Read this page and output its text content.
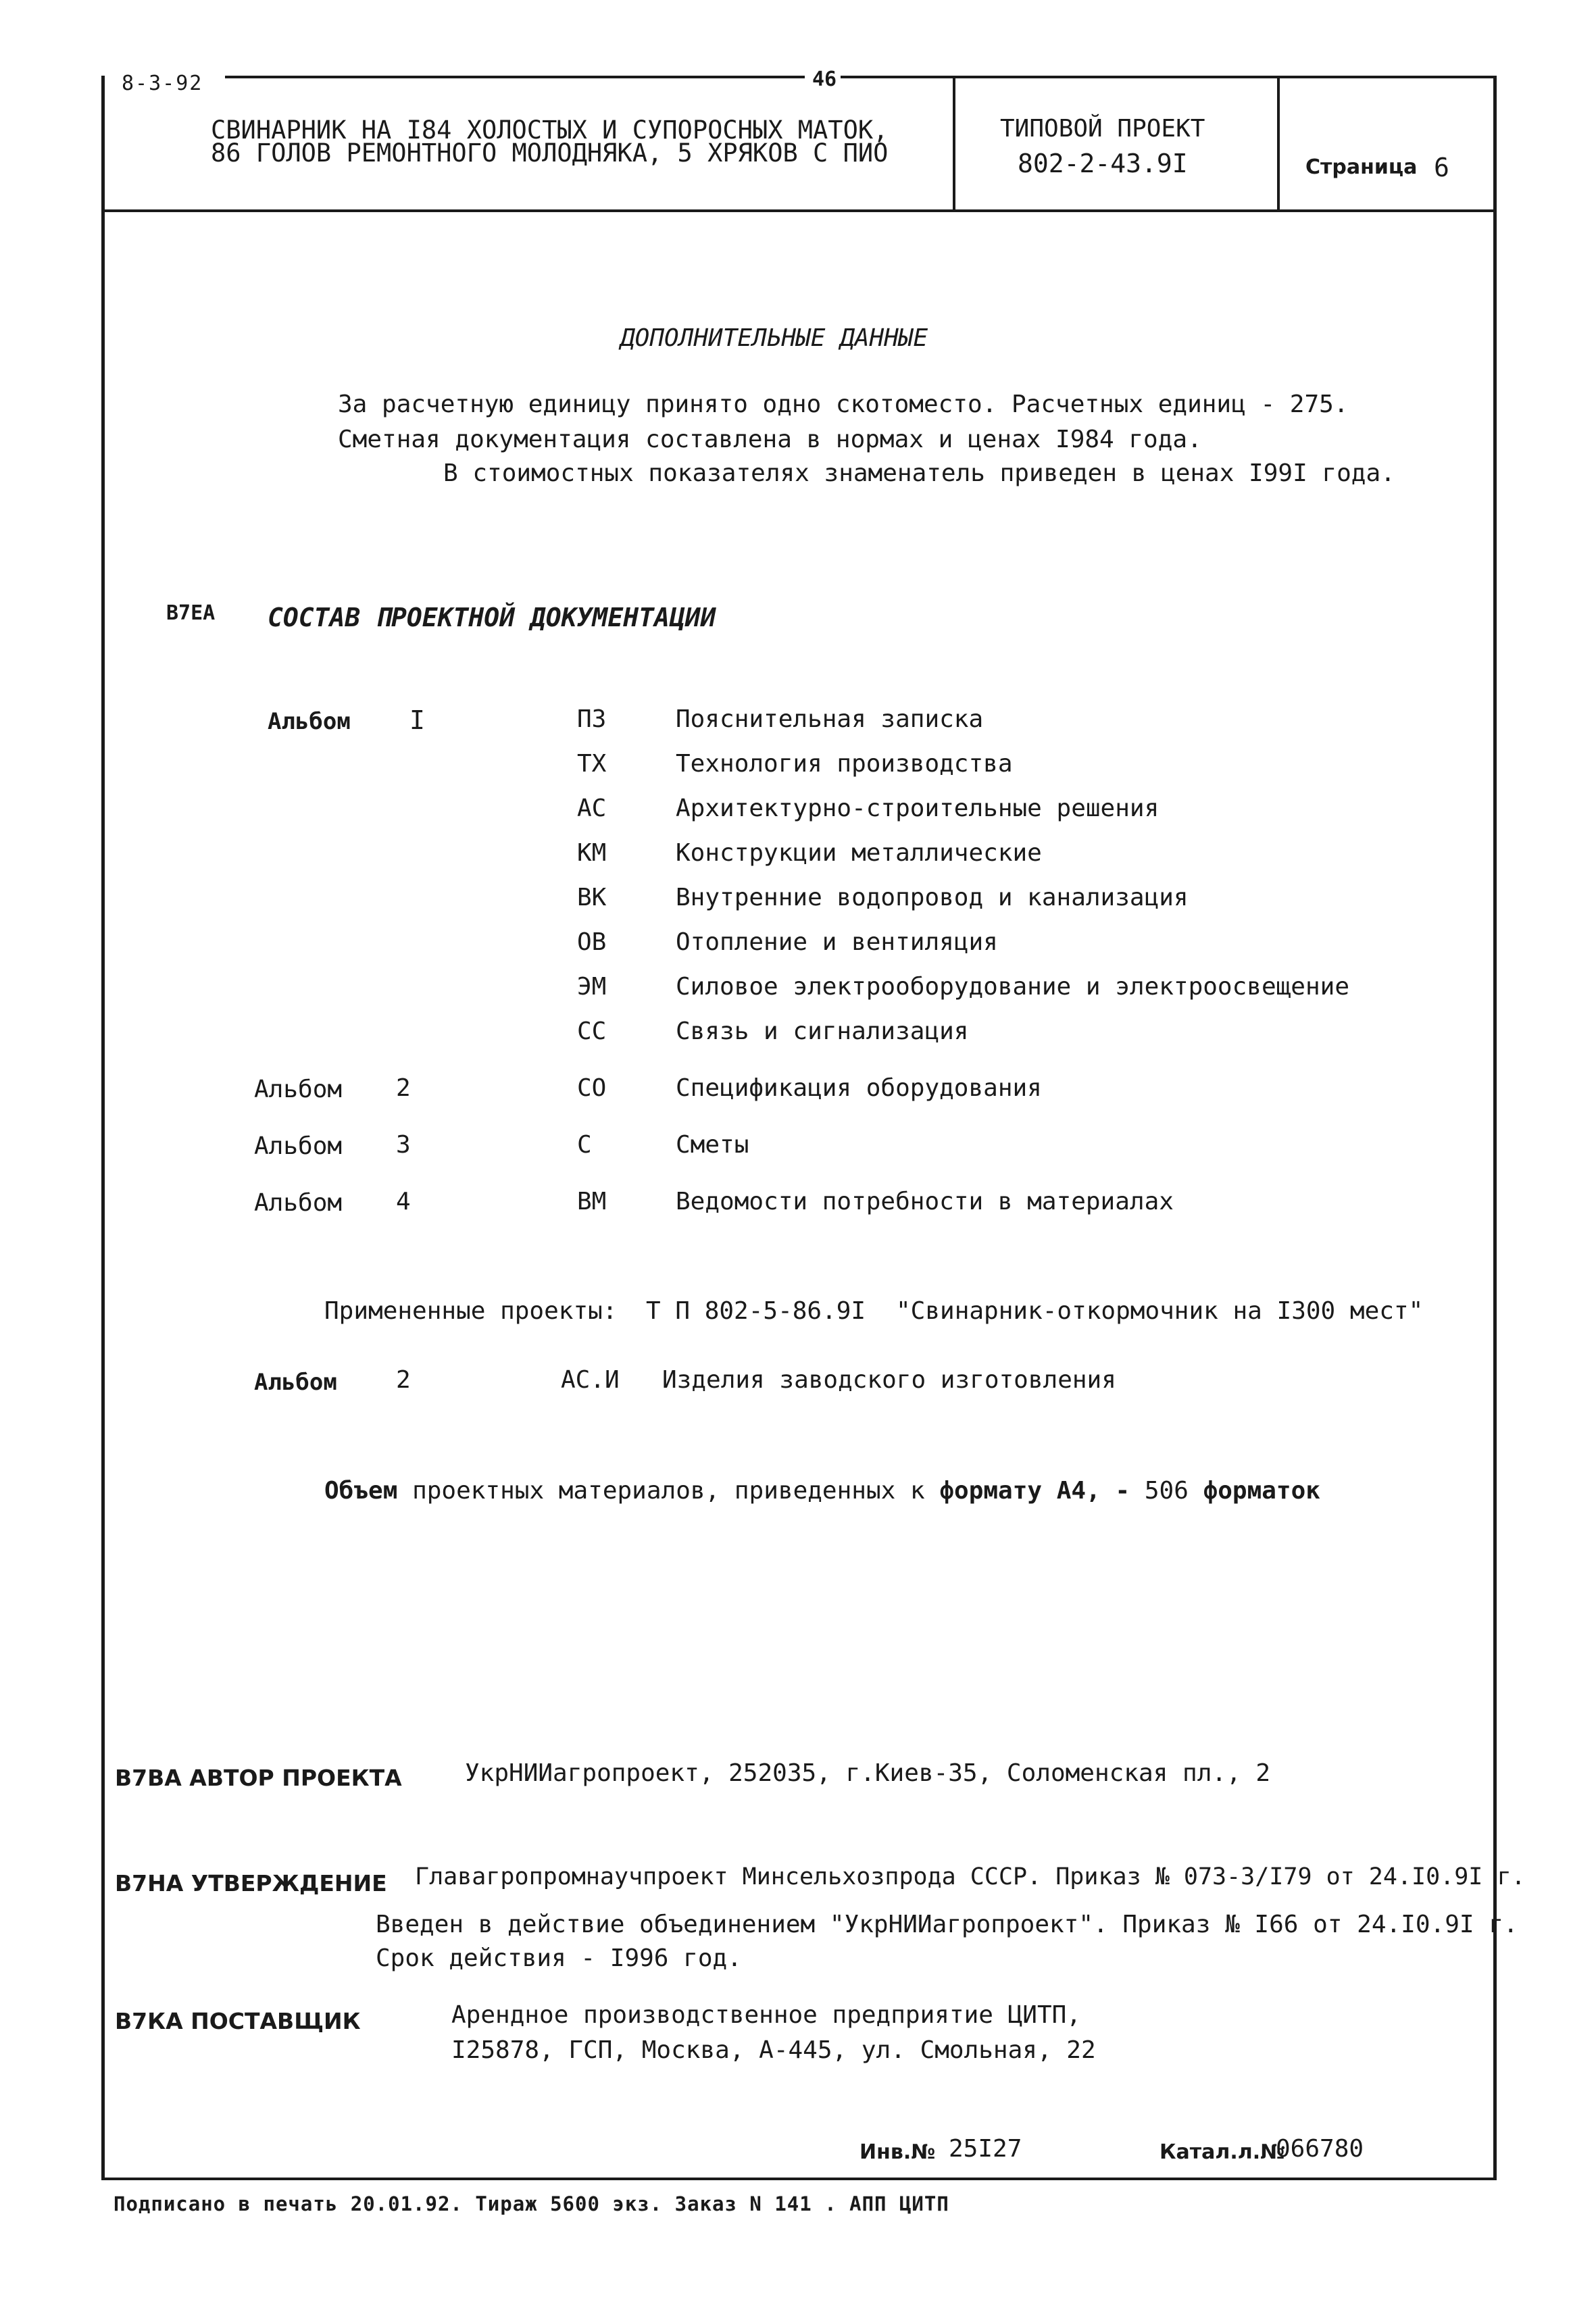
8-3-92	46
СВИНАРНИК НА I84 ХОЛОСТЫХ И СУПОРОСНЫХ МАТОК,
86 ГОЛОВ РЕМОНТНОГО МОЛОДНЯКА, 5 ХРЯКОВ С ПИО
ТИПОВОЙ ПРОЕКТ
802-2-43.9I	Страница 6
ДОПОЛНИТЕЛЬНЫЕ ДАННЫЕ
За расчетную единицу принято одно скотоместо. Расчетных единиц - 275.
Сметная документация составлена в нормах и ценах I984 года.
В стоимостных показателях знаменатель приведен в ценах I99I года.
В7ЕА СОСТАВ ПРОЕКТНОЙ ДОКУМЕНТАЦИИ
Альбом I	ПЗ	Пояснительная записка
ТХ	Технология производства
АС	Архитектурно-строительные решения
КМ	Конструкции металлические
ВК	Внутренние водопровод и канализация
ОВ	Отопление и вентиляция
ЭМ	Силовое электрооборудование и электроосвещение
СС	Связь и сигнализация
Альбом 2	СО	Спецификация оборудования
Альбом 3	С	Сметы
Альбом 4	ВМ	Ведомости потребности в материалах
Примененные проекты: Т П 802-5-86.9I "Свинарник-откормочник на I300 мест"
Альбом 2	АС.И Изделия заводского изготовления
Объем проектных материалов, приведенных к формату А4, - 506 форматок
В7ВА АВТОР ПРОЕКТА	УкрНИИагропроект, 252035, г.Киев-35, Соломенская пл., 2
В7НА УТВЕРЖДЕНИЕ Главагропромнаучпроект Минсельхозпрода СССР. Приказ № 073-3/I79 от 24.I0.9I г.
Введен в действие объединением "УкрНИИагропроект". Приказ № I66 от 24.I0.9I г.
Срок действия - I996 год.
В7КА ПОСТАВЩИК	Арендное производственное предприятие ЦИТП,
I25878, ГСП, Москва, А-445, ул. Смольная, 22
Инв.№ 25I27	Катал.л.№
066780
Подписано в печать 20.01.92. Тираж 5600 экз. Заказ N 141 . АПП ЦИТП
